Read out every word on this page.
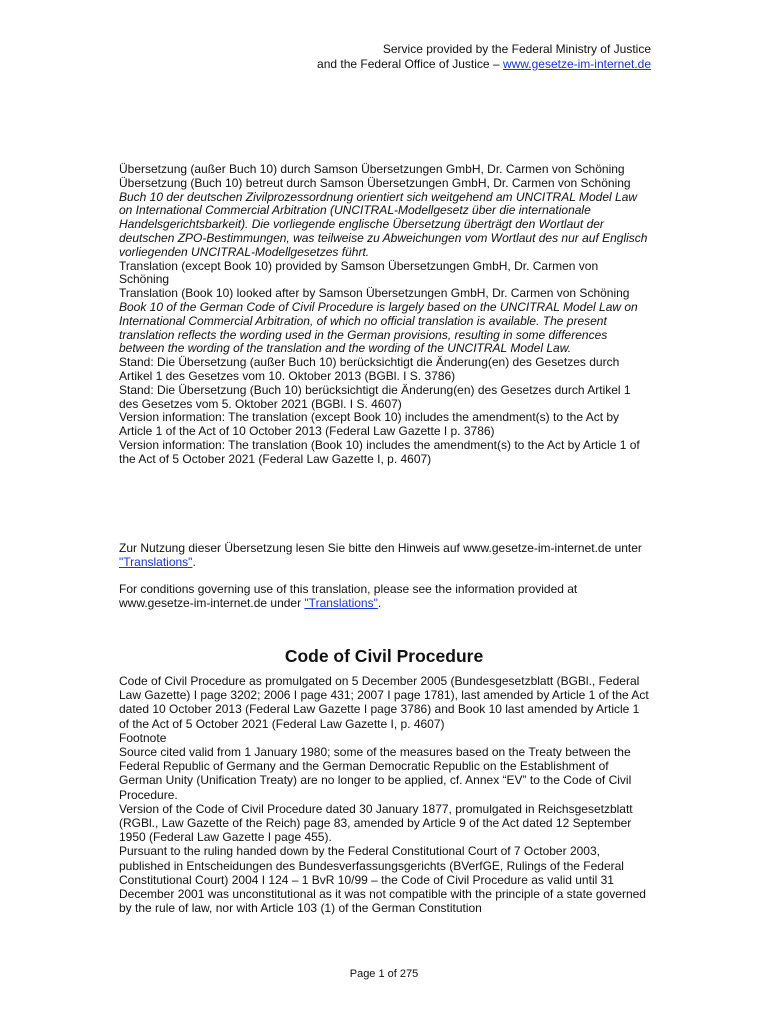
Service provided by the Federal Ministry of Justice
and the Federal Office of Justice – www.gesetze-im-internet.de
Übersetzung (außer Buch 10) durch Samson Übersetzungen GmbH, Dr. Carmen von Schöning
Übersetzung (Buch 10) betreut durch Samson Übersetzungen GmbH, Dr. Carmen von Schöning
Buch 10 der deutschen Zivilprozessordnung orientiert sich weitgehend am UNCITRAL Model Law on International Commercial Arbitration (UNCITRAL-Modellgesetz über die internationale Handelsgerichtsbarkeit). Die vorliegende englische Übersetzung überträgt den Wortlaut der deutschen ZPO-Bestimmungen, was teilweise zu Abweichungen vom Wortlaut des nur auf Englisch vorliegenden UNCITRAL-Modellgesetzes führt.
Translation (except Book 10) provided by Samson Übersetzungen GmbH, Dr. Carmen von Schöning
Translation (Book 10) looked after by Samson Übersetzungen GmbH, Dr. Carmen von Schöning
Book 10 of the German Code of Civil Procedure is largely based on the UNCITRAL Model Law on International Commercial Arbitration, of which no official translation is available. The present translation reflects the wording used in the German provisions, resulting in some differences between the wording of the translation and the wording of the UNCITRAL Model Law.
Stand: Die Übersetzung (außer Buch 10) berücksichtigt die Änderung(en) des Gesetzes durch Artikel 1 des Gesetzes vom 10. Oktober 2013 (BGBl. I S. 3786)
Stand: Die Übersetzung (Buch 10) berücksichtigt die Änderung(en) des Gesetzes durch Artikel 1 des Gesetzes vom 5. Oktober 2021 (BGBl. I S. 4607)
Version information: The translation (except Book 10) includes the amendment(s) to the Act by Article 1 of the Act of 10 October 2013 (Federal Law Gazette I p. 3786)
Version information: The translation (Book 10) includes the amendment(s) to the Act by Article 1 of the Act of 5 October 2021 (Federal Law Gazette I, p. 4607)
Zur Nutzung dieser Übersetzung lesen Sie bitte den Hinweis auf www.gesetze-im-internet.de unter "Translations".
For conditions governing use of this translation, please see the information provided at www.gesetze-im-internet.de under "Translations".
Code of Civil Procedure
Code of Civil Procedure as promulgated on 5 December 2005 (Bundesgesetzblatt (BGBl., Federal Law Gazette) I page 3202; 2006 I page 431; 2007 I page 1781), last amended by Article 1 of the Act dated 10 October 2013 (Federal Law Gazette I page 3786) and Book 10 last amended by Article 1 of the Act of 5 October 2021 (Federal Law Gazette I, p. 4607)
Footnote
Source cited valid from 1 January 1980; some of the measures based on the Treaty between the Federal Republic of Germany and the German Democratic Republic on the Establishment of German Unity (Unification Treaty) are no longer to be applied, cf. Annex “EV” to the Code of Civil Procedure.
Version of the Code of Civil Procedure dated 30 January 1877, promulgated in Reichsgesetzblatt (RGBl., Law Gazette of the Reich) page 83, amended by Article 9 of the Act dated 12 September 1950 (Federal Law Gazette I page 455).
Pursuant to the ruling handed down by the Federal Constitutional Court of 7 October 2003, published in Entscheidungen des Bundesverfassungsgerichts (BVerfGE, Rulings of the Federal Constitutional Court) 2004 I 124 – 1 BvR 10/99 – the Code of Civil Procedure as valid until 31 December 2001 was unconstitutional as it was not compatible with the principle of a state governed by the rule of law, nor with Article 103 (1) of the German Constitution
Page 1 of 275
